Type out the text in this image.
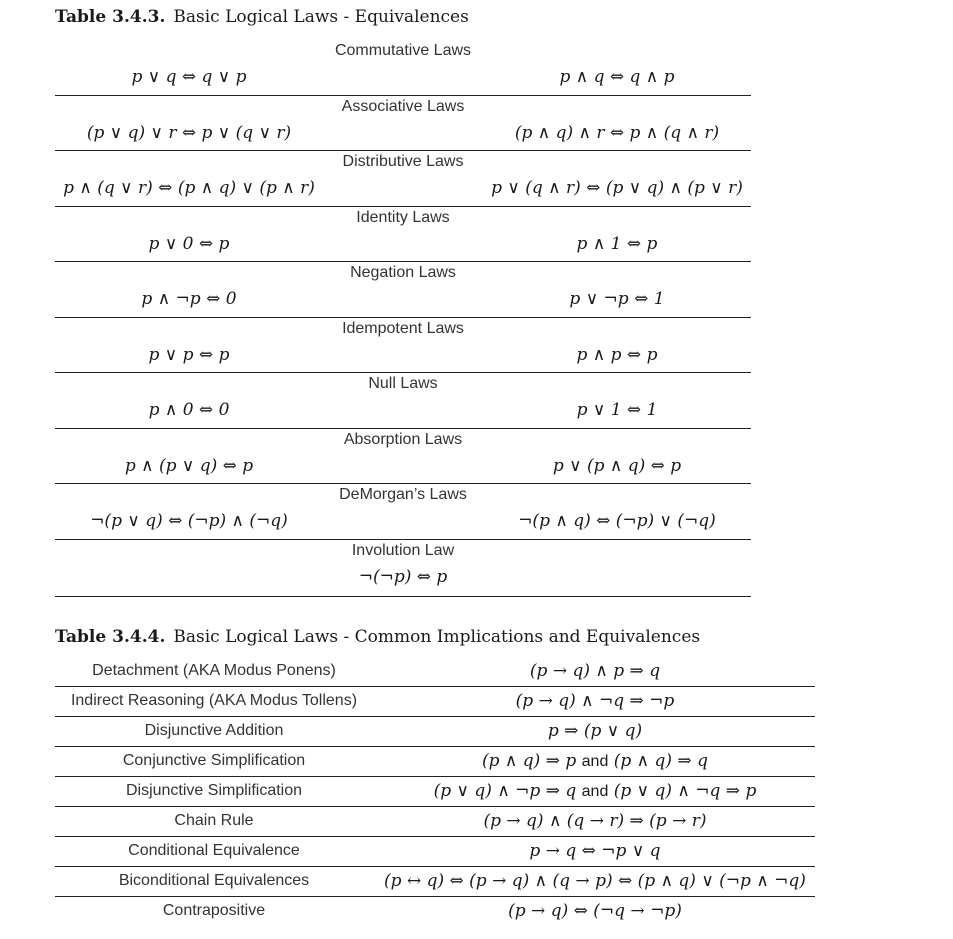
Table 3.4.3. Basic Logical Laws - Equivalences
Commutative Laws
p ∨ q ⇔ q ∨ p	p ∧ q ⇔ q ∧ p
Associative Laws
(p ∨ q) ∨ r ⇔ p ∨ (q ∨ r)	(p ∧ q) ∧ r ⇔ p ∧ (q ∧ r)
Distributive Laws
p ∧ (q ∨ r) ⇔ (p ∧ q) ∨ (p ∧ r)	p ∨ (q ∧ r) ⇔ (p ∨ q) ∧ (p ∨ r)
Identity Laws
p ∨ 0 ⇔ p	p ∧ 1 ⇔ p
Negation Laws
p ∧ ¬p ⇔ 0	p ∨ ¬p ⇔ 1
Idempotent Laws
p ∨ p ⇔ p	p ∧ p ⇔ p
Null Laws
p ∧ 0 ⇔ 0	p ∨ 1 ⇔ 1
Absorption Laws
p ∧ (p ∨ q) ⇔ p	p ∨ (p ∧ q) ⇔ p
DeMorgan’s Laws
¬(p ∨ q) ⇔ (¬p) ∧ (¬q)	¬(p ∧ q) ⇔ (¬p) ∨ (¬q)
Involution Law
¬(¬p) ⇔ p
Table 3.4.4. Basic Logical Laws - Common Implications and Equivalences
Detachment (AKA Modus Ponens)	(p → q) ∧ p ⇒ q
Indirect Reasoning (AKA Modus Tollens)	(p → q) ∧ ¬q ⇒ ¬p
Disjunctive Addition	p ⇒ (p ∨ q)
Conjunctive Simplification	(p ∧ q) ⇒ p and (p ∧ q) ⇒ q
Disjunctive Simplification	(p ∨ q) ∧ ¬p ⇒ q and (p ∨ q) ∧ ¬q ⇒ p
Chain Rule	(p → q) ∧ (q → r) ⇒ (p → r)
Conditional Equivalence	p → q ⇔ ¬p ∨ q
Biconditional Equivalences	(p ↔ q) ⇔ (p → q) ∧ (q → p) ⇔ (p ∧ q) ∨ (¬p ∧ ¬q)
Contrapositive	(p → q) ⇔ (¬q → ¬p)
